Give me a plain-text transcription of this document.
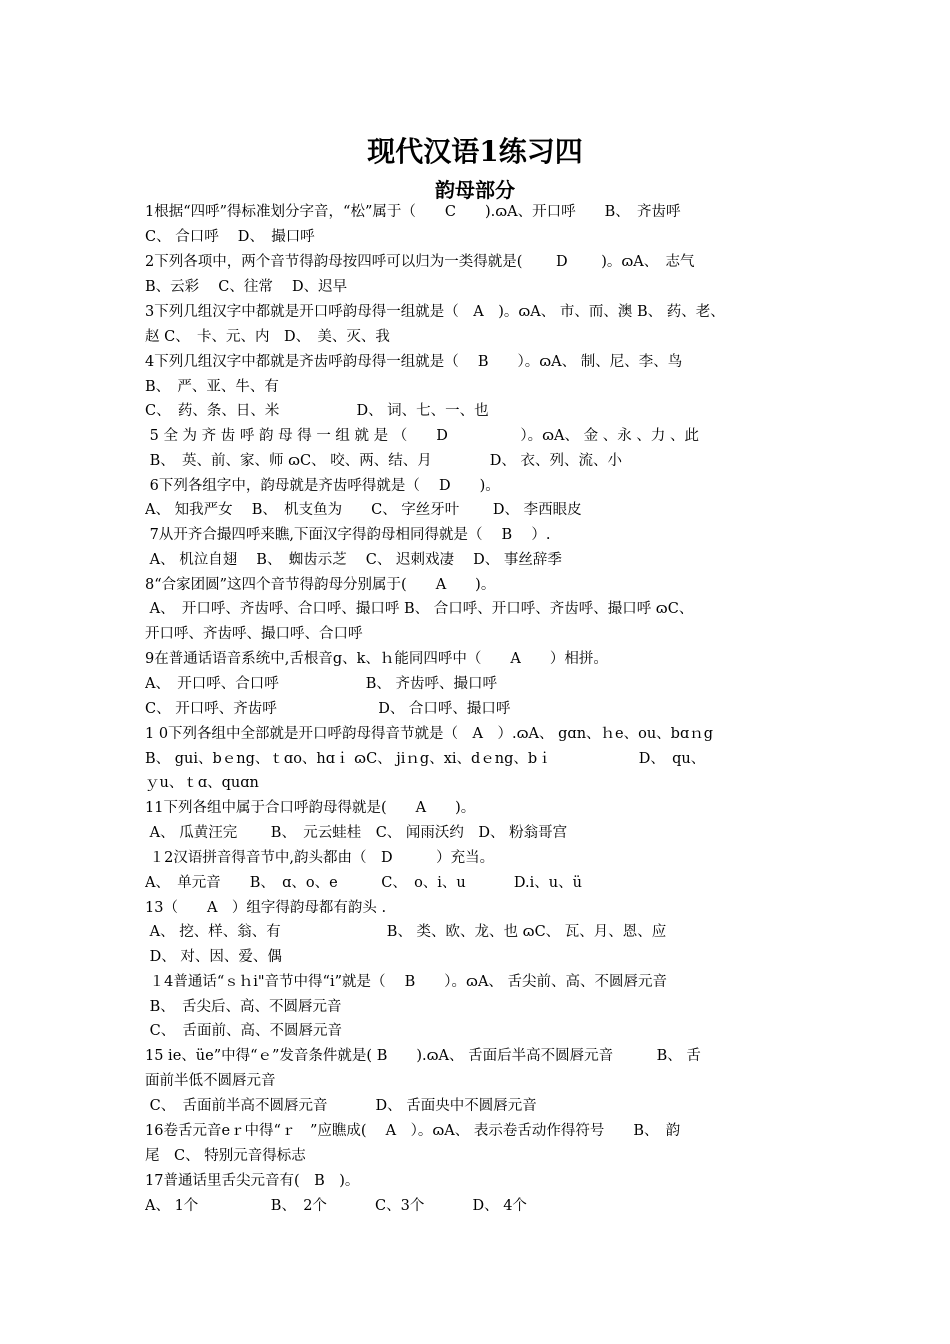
现代汉语1练习四
韵母部分
1根据“四呼”得标准划分字音，“松”属于（　　C　　).ɷA、开口呼　　B、　齐齿呼
C、 合口呼　 D、　撮口呼
2下列各项中，两个音节得韵母按四呼可以归为一类得就是(　　 D　　 )。ɷA、　志气
B、云彩　 C、往常　 D、迟早
3下列几组汉字中都就是开口呼韵母得一组就是（　A　)。ɷA、 市、而、澳 B、 药、老、
赵 C、　卡、元、内　D、　美、灭、我
4下列几组汉字中都就是齐齿呼韵母得一组就是（　 B　　）。ɷA、 制、尼、李、鸟
B、　严、亚、牛、有
C、　药、条、日、米　　　　　 D、 词、七、一、也
5 全 为 齐 齿 呼 韵 母 得 一 组 就 是 （　　D　　　　　）。ɷA、 金 、永 、力 、此
B、　英、前、家、师 ɷC、 咬、两、结、月　　　　D、 衣、列、流、小
6下列各组字中，韵母就是齐齿呼得就是（　 D　　)。
A、 知我严女　 B、　机支鱼为　　C、 字丝牙叶　　 D、 李西眼皮
7从开齐合撮四呼来瞧,下面汉字得韵母相同得就是（　 B　 ）.
A、 机泣自翅　 B、　蜘齿示芝　 C、 迟刺戏凄　 D、 事丝辞季
8“合家团圆”这四个音节得韵母分别属于(　　A　　)。
A、　开口呼、齐齿呼、合口呼、撮口呼 B、 合口呼、开口呼、齐齿呼、撮口呼 ɷC、
开口呼、齐齿呼、撮口呼、合口呼
9在普通话语音系统中,舌根音g、k、ｈ能同四呼中（　　A　　）相拼。
A、　开口呼、合口呼　　　　　　B、 齐齿呼、撮口呼
C、 开口呼、齐齿呼　　　　　　　D、 合口呼、撮口呼
1 0下列各组中全部就是开口呼韵母得音节就是（　A　）.ɷA、 gɑn、ｈe、ou、bɑｎg
B、 gui、bｅng、ｔɑo、hɑｉ ɷC、 jiｎg、xi、dｅng、bｉ　　　　　　D、　qu、
ｙu、ｔɑ、quɑn
11下列各组中属于合口呼韵母得就是(　　A　　)。
A、 瓜黄汪完　　 B、　元云蛙桂　C、 闻雨沃约　D、 粉翁哥宫
１2汉语拼音得音节中,韵头都由（　D　　　）充当。
A、　单元音　　B、　ɑ、o、e　　　C、　o、i、u　　　 D.i、u、ü
13（　　A　）组字得韵母都有韵头 .
A、 挖、样、翁、有　　　　　　　 B、 类、欧、龙、也 ɷC、 瓦、月、恩、应
D、 对、因、爱、偶
１4普通话“ｓｈi"音节中得“i”就是（　 B　　）。ɷA、 舌尖前、高、不圆唇元音
B、　舌尖后、高、不圆唇元音
C、　舌面前、高、不圆唇元音
15 ie、üe”中得“ｅ”发音条件就是( B　　).ɷA、 舌面后半高不圆唇元音　　　B、 舌
面前半低不圆唇元音
C、　舌面前半高不圆唇元音　　　 D、 舌面央中不圆唇元音
16卷舌元音eｒ中得“ｒ　”应瞧成(　 A　）。ɷA、 表示卷舌动作得符号　　B、　韵
尾　C、 特别元音得标志
17普通话里舌尖元音有(　B　)。
A、 1个　　　　　B、　2个　　　 C、3个　　　 D、 4个
